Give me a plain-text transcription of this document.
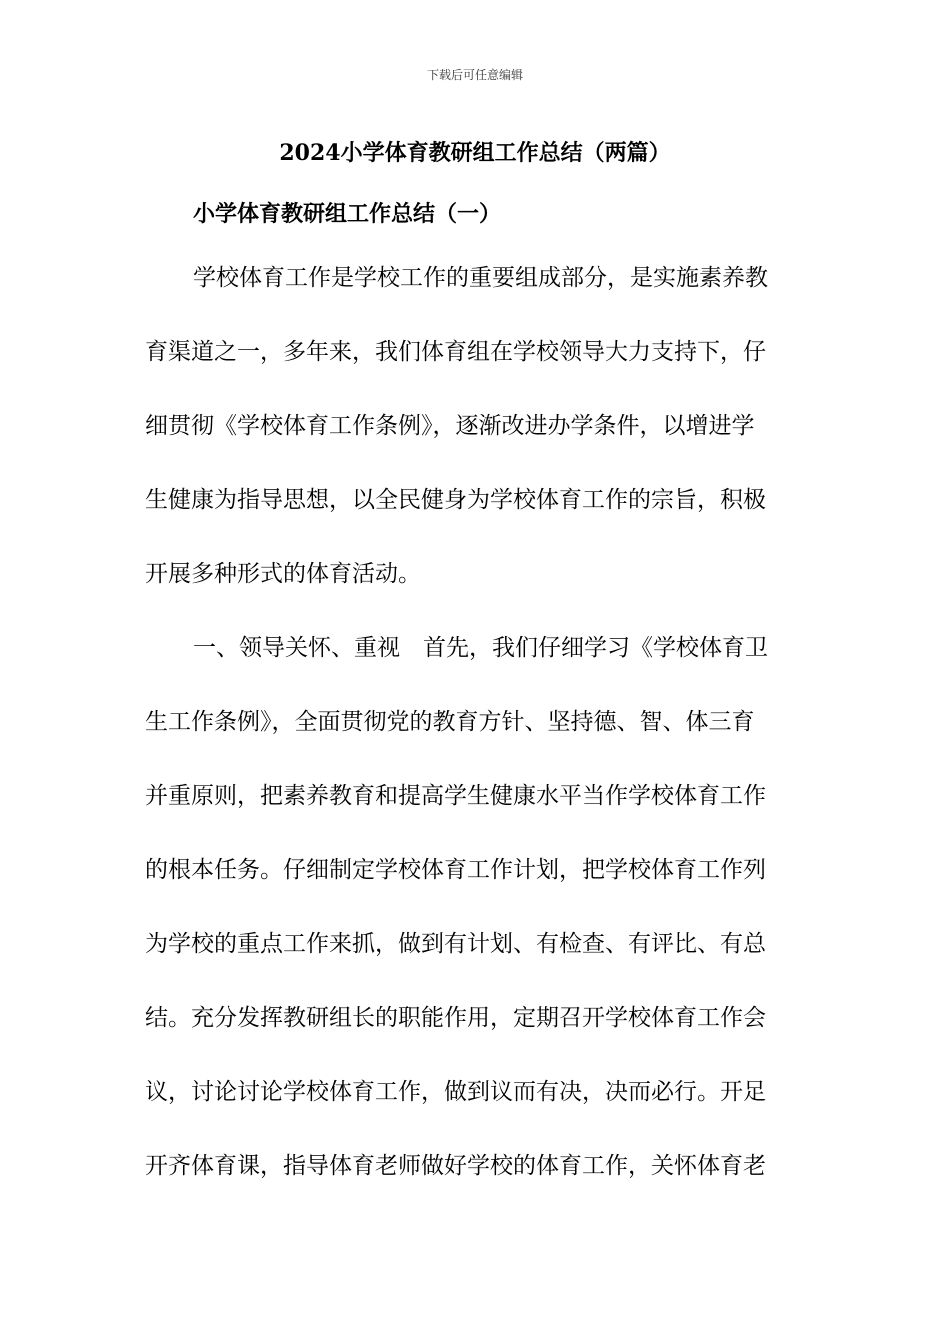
下载后可任意编辑
2024小学体育教研组工作总结（两篇）
小学体育教研组工作总结（一）
学校体育工作是学校工作的重要组成部分，是实施素养教
育渠道之一，多年来，我们体育组在学校领导大力支持下，仔
细贯彻《学校体育工作条例》，逐渐改进办学条件，以增进学
生健康为指导思想，以全民健身为学校体育工作的宗旨，积极
开展多种形式的体育活动。
一、领导关怀、重视　首先，我们仔细学习《学校体育卫
生工作条例》，全面贯彻党的教育方针、坚持德、智、体三育
并重原则，把素养教育和提高学生健康水平当作学校体育工作
的根本任务。仔细制定学校体育工作计划，把学校体育工作列
为学校的重点工作来抓，做到有计划、有检查、有评比、有总
结。充分发挥教研组长的职能作用，定期召开学校体育工作会
议，讨论讨论学校体育工作，做到议而有决，决而必行。开足
开齐体育课，指导体育老师做好学校的体育工作，关怀体育老
